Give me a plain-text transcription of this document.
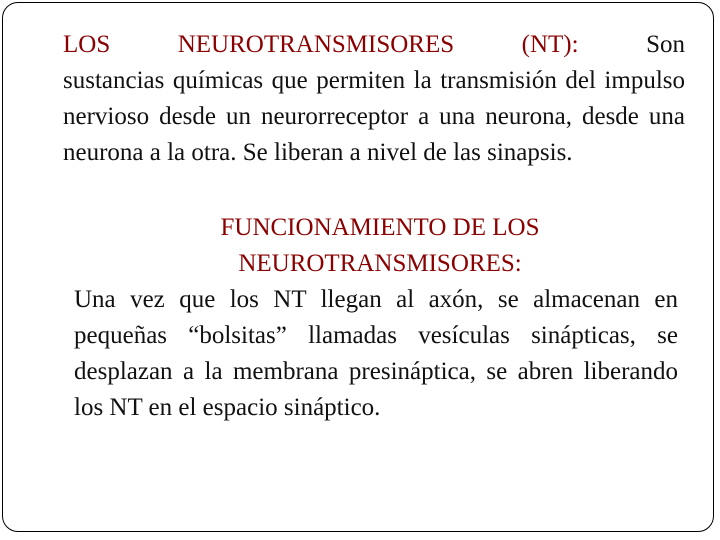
LOS NEUROTRANSMISORES (NT):	Son
sustancias químicas que permiten la transmisión del impulso nervioso desde un neurorreceptor a una neurona, desde una neurona a la otra. Se liberan a nivel de las sinapsis.
FUNCIONAMIENTO DE LOS
NEUROTRANSMISORES:
Una vez que los NT llegan al axón, se almacenan en pequeñas “bolsitas” llamadas vesículas sinápticas, se desplazan a la membrana presináptica, se abren liberando los NT en el espacio sináptico.
